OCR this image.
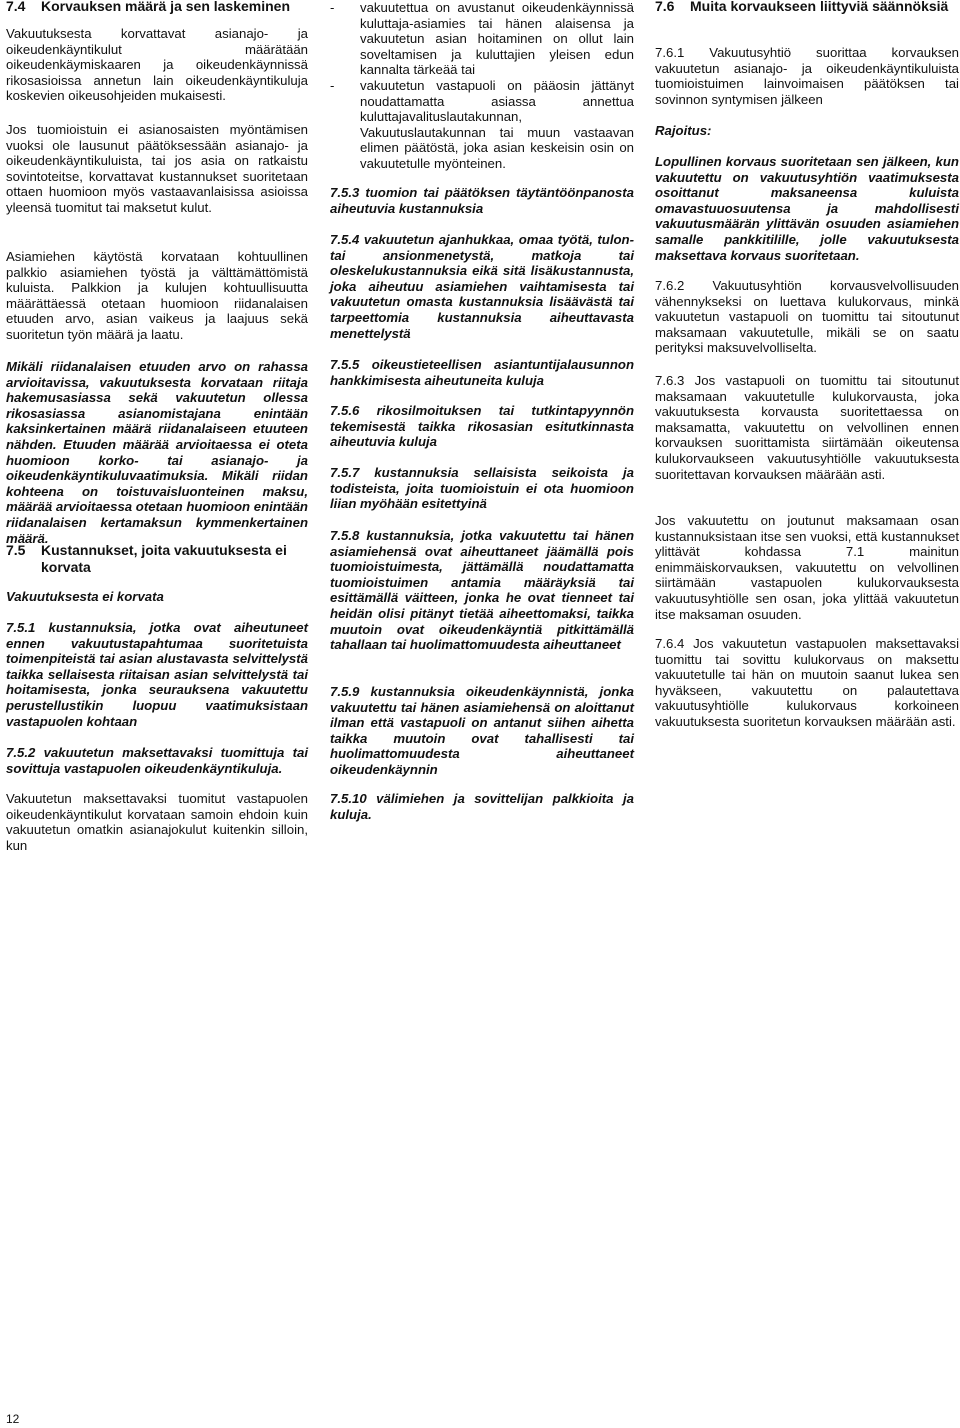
7.4	Korvauksen määrä ja sen laskeminen

Vakuutuksesta korvattavat asianajo- ja oikeudenkäyntikulut määrätään oikeudenkäymiskaaren ja oikeudenkäynnissä rikosasioissa annetun lain oikeudenkäyntikuluja koskevien oikeusohjeiden mukaisesti.

Jos tuomioistuin ei asianosaisten myöntämisen vuoksi ole lausunut päätöksessään asianajo- ja oikeudenkäyntikuluista, tai jos asia on ratkaistu sovintoteitse, korvattavat kustannukset suoritetaan ottaen huomioon myös vastaavanlaisissa asioissa yleensä tuomitut tai maksetut kulut.

Asiamiehen käytöstä korvataan kohtuullinen palkkio asiamiehen työstä ja välttämättömistä kuluista. Palkkion ja kulujen kohtuullisuutta määrättäessä otetaan huomioon riidanalaisen etuuden arvo, asian vaikeus ja laajuus sekä suoritetun työn määrä ja laatu.

Mikäli riidanalaisen etuuden arvo on rahassa arvioitavissa, vakuutuksesta korvataan riitaja hakemusasiassa sekä vakuutetun ollessa rikosasiassa asianomistajana enintään kaksinkertainen määrä riidanalaiseen etuuteen nähden. Etuuden määrää arvioitaessa ei oteta huomioon korko- tai asianajo- ja oikeudenkäyntikuluvaatimuksia. Mikäli riidan kohteena on toistuvaisluonteinen maksu, määrää arvioitaessa otetaan huomioon enintään riidanalaisen kertamaksun kymmenkertainen määrä.

7.5	Kustannukset, joita vakuutuksesta ei korvata

Vakuutuksesta ei korvata

7.5.1 kustannuksia, jotka ovat aiheutuneet ennen vakuutustapahtumaa suoritetuista toimenpiteistä tai asian alustavasta selvittelystä taikka sellaisesta riitaisan asian selvittelystä tai hoitamisesta, jonka seurauksena vakuutettu perustellustikin luopuu vaatimuksistaan vastapuolen kohtaan

7.5.2 vakuutetun maksettavaksi tuomittuja tai sovittuja vastapuolen oikeudenkäyntikuluja.

Vakuutetun maksettavaksi tuomitut vastapuolen oikeudenkäyntikulut korvataan samoin ehdoin kuin vakuutetun omatkin asianajokulut kuitenkin silloin, kun

-	vakuutettua on avustanut oikeudenkäynnissä kuluttaja-asiamies tai hänen alaisensa ja vakuutetun asian hoitaminen on ollut lain soveltamisen ja kuluttajien yleisen edun kannalta tärkeää tai
-	vakuutetun vastapuoli on pääosin jättänyt noudattamatta asiassa annettua kuluttajavalituslautakunnan, Vakuutuslautakunnan tai muun vastaavan elimen päätöstä, joka asian keskeisin osin on vakuutetulle myönteinen.

7.5.3 tuomion tai päätöksen täytäntöönpanosta aiheutuvia kustannuksia

7.5.4 vakuutetun ajanhukkaa, omaa työtä, tulon- tai ansionmenetystä, matkoja tai oleskelukustannuksia eikä sitä lisäkustannusta, joka aiheutuu asiamiehen vaihtamisesta tai vakuutetun omasta kustannuksia lisäävästä tai tarpeettomia kustannuksia aiheuttavasta menettelystä

7.5.5 oikeustieteellisen asiantuntijalausunnon hankkimisesta aiheutuneita kuluja

7.5.6 rikosilmoituksen tai tutkintapyynnön tekemisestä taikka rikosasian esitutkinnasta aiheutuvia kuluja

7.5.7 kustannuksia sellaisista seikoista ja todisteista, joita tuomioistuin ei ota huomioon liian myöhään esitettyinä

7.5.8 kustannuksia, jotka vakuutettu tai hänen asiamiehensä ovat aiheuttaneet jäämällä pois tuomioistuimesta, jättämällä noudattamatta tuomioistuimen antamia määräyksiä tai esittämällä väitteen, jonka he ovat tienneet tai heidän olisi pitänyt tietää aiheettomaksi, taikka muutoin ovat oikeudenkäyntiä pitkittämällä tahallaan tai huolimattomuudesta aiheuttaneet

7.5.9 kustannuksia oikeudenkäynnistä, jonka vakuutettu tai hänen asiamiehensä on aloittanut ilman että vastapuoli on antanut siihen aihetta taikka muutoin ovat tahallisesti tai huolimattomuudesta aiheuttaneet oikeudenkäynnin

7.5.10 välimiehen ja sovittelijan palkkioita ja kuluja.

7.6	Muita korvaukseen liittyviä säännöksiä

7.6.1 Vakuutusyhtiö suorittaa korvauksen vakuutetun asianajo- ja oikeudenkäyntikuluista tuomioistuimen lainvoimaisen päätöksen tai sovinnon syntymisen jälkeen

Rajoitus:

Lopullinen korvaus suoritetaan sen jälkeen, kun vakuutettu on vakuutusyhtiön vaatimuksesta osoittanut maksaneensa kuluista omavastuuosuutensa ja mahdollisesti vakuutusmäärän ylittävän osuuden asiamiehen samalle pankkitilille, jolle vakuutuksesta maksettava korvaus suoritetaan.

7.6.2 Vakuutusyhtiön korvausvelvollisuuden vähennykseksi on luettava kulukorvaus, minkä vakuutetun vastapuoli on tuomittu tai sitoutunut maksamaan vakuutetulle, mikäli se on saatu perityksi maksuvelvolliselta.

7.6.3 Jos vastapuoli on tuomittu tai sitoutunut maksamaan vakuutetulle kulukorvausta, joka vakuutuksesta korvausta suoritettaessa on maksamatta, vakuutettu on velvollinen ennen korvauksen suorittamista siirtämään oikeutensa kulukorvaukseen vakuutusyhtiölle vakuutuksesta suoritettavan korvauksen määrään asti.

Jos vakuutettu on joutunut maksamaan osan kustannuksistaan itse sen vuoksi, että kustannukset ylittävät kohdassa 7.1 mainitun enimmäiskorvauksen, vakuutettu on velvollinen siirtämään vastapuolen kulukorvauksesta vakuutusyhtiölle sen osan, joka ylittää vakuutetun itse maksaman osuuden.

7.6.4 Jos vakuutetun vastapuolen maksettavaksi tuomittu tai sovittu kulukorvaus on maksettu vakuutetulle tai hän on muutoin saanut lukea sen hyväkseen, vakuutettu on palautettava vakuutusyhtiölle kulukorvaus korkoineen vakuutuksesta suoritetun korvauksen määrään asti.

12
